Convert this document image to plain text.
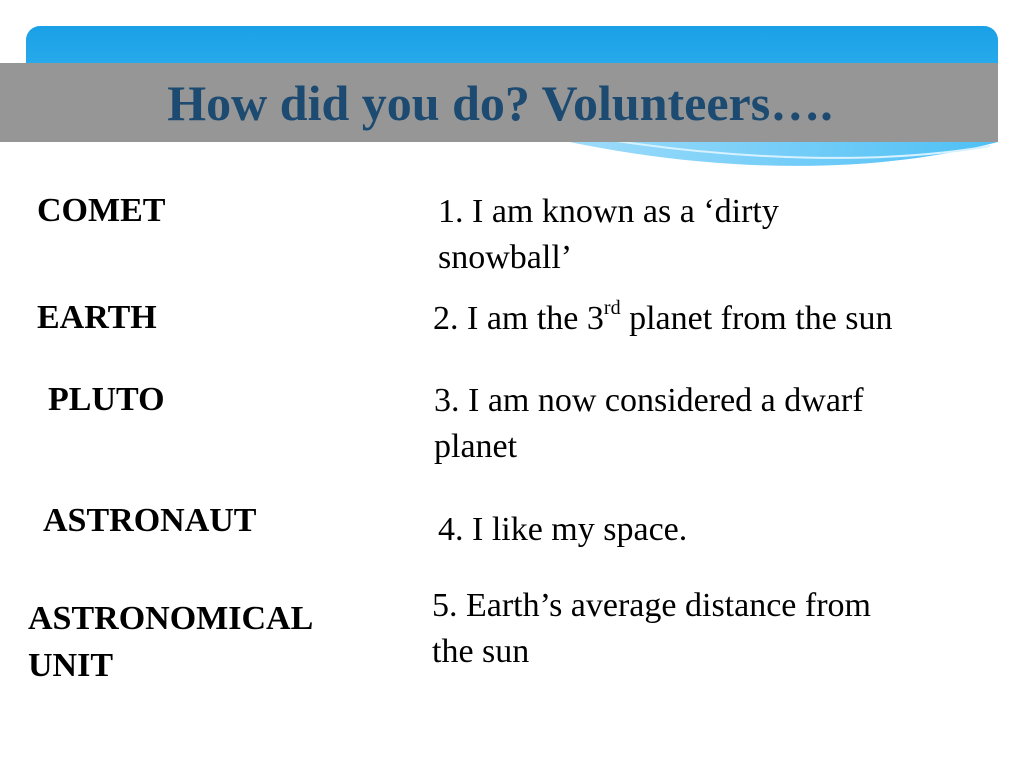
How did you do? Volunteers….

COMET

EARTH

PLUTO

ASTRONAUT

ASTRONOMICAL

UNIT

1. I am known as a ‘dirty
snowball’

2. I am the 3rd planet from the sun

3. I am now considered a dwarf
planet

4. I like my space.

5. Earth’s average distance from
the sun
